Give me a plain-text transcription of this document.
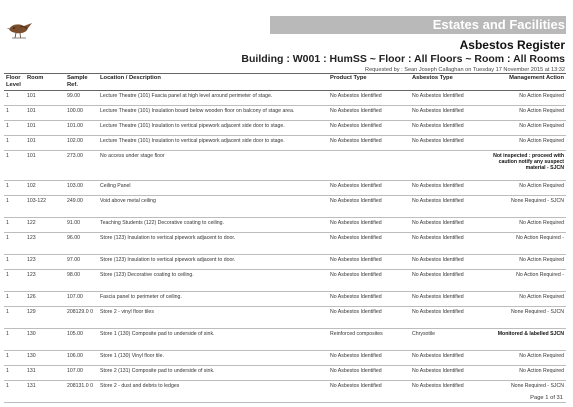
Estates and Facilities
Asbestos Register
Building : W001 : HumSS ~ Floor : All Floors ~ Room : All Rooms
Requested by : Sean Joseph Callaghan on Tuesday 17 November 2015 at 13:32
Floor Level	Room	Sample Ref.	Location / Description	Product Type	Asbestos Type	Management Action
1	101	99.00	Lecture Theatre (101) Fascia panel at high level around perimeter of stage.	No Asbestos Identified	No Asbestos Identified	No Action Required
1	101	100.00	Lecture Theatre (101) Insulation board below wooden floor on balcony of stage area.	No Asbestos Identified	No Asbestos Identified	No Action Required
1	101	101.00	Lecture Theatre (101) Insulation to vertical pipework adjacent side door to stage.	No Asbestos Identified	No Asbestos Identified	No Action Required
1	101	102.00	Lecture Theatre (101) Insulation to vertical pipework adjacent side door to stage.	No Asbestos Identified	No Asbestos Identified	No Action Required
1	101	273.00	No access under stage floor			Not inspected : proceed with caution notify any suspect material - SJCN
1	102	103.00	Ceiling Panel	No Asbestos Identified	No Asbestos Identified	No Action Required
1	103-122	249.00	Void above metal ceiling	No Asbestos Identified	No Asbestos Identified	None Required - SJCN
1	122	91.00	Teaching Students (122) Decorative coating to ceiling.	No Asbestos Identified	No Asbestos Identified	No Action Required
1	123	96.00	Store (123) Insulation to vertical pipework adjacent to door.	No Asbestos Identified	No Asbestos Identified	No Action Required -
1	123	97.00	Store (123) Insulation to vertical pipework adjacent to door.	No Asbestos Identified	No Asbestos Identified	No Action Required
1	123	98.00	Store (123) Decorative coating to ceiling.	No Asbestos Identified	No Asbestos Identified	No Action Required -
1	126	107.00	Fascia panel to perimeter of ceiling.	No Asbestos Identified	No Asbestos Identified	No Action Required
1	129	208129.0 0	Store 2 - vinyl floor tiles	No Asbestos Identified	No Asbestos Identified	None Required - SJCN
1	130	105.00	Store 1 (130) Composite pad to underside of sink.	Reinforced composites	Chrysotile	Monitored & labelled SJCN
1	130	106.00	Store 1 (130) Vinyl floor tile.	No Asbestos Identified	No Asbestos Identified	No Action Required
1	131	107.00	Store 2 (131) Composite pad to underside of sink.	No Asbestos Identified	No Asbestos Identified	No Action Required
1	131	208131.0 0	Store 2 - dust and debris to ledges	No Asbestos Identified	No Asbestos Identified	None Required - SJCN
Page 1 of 31
